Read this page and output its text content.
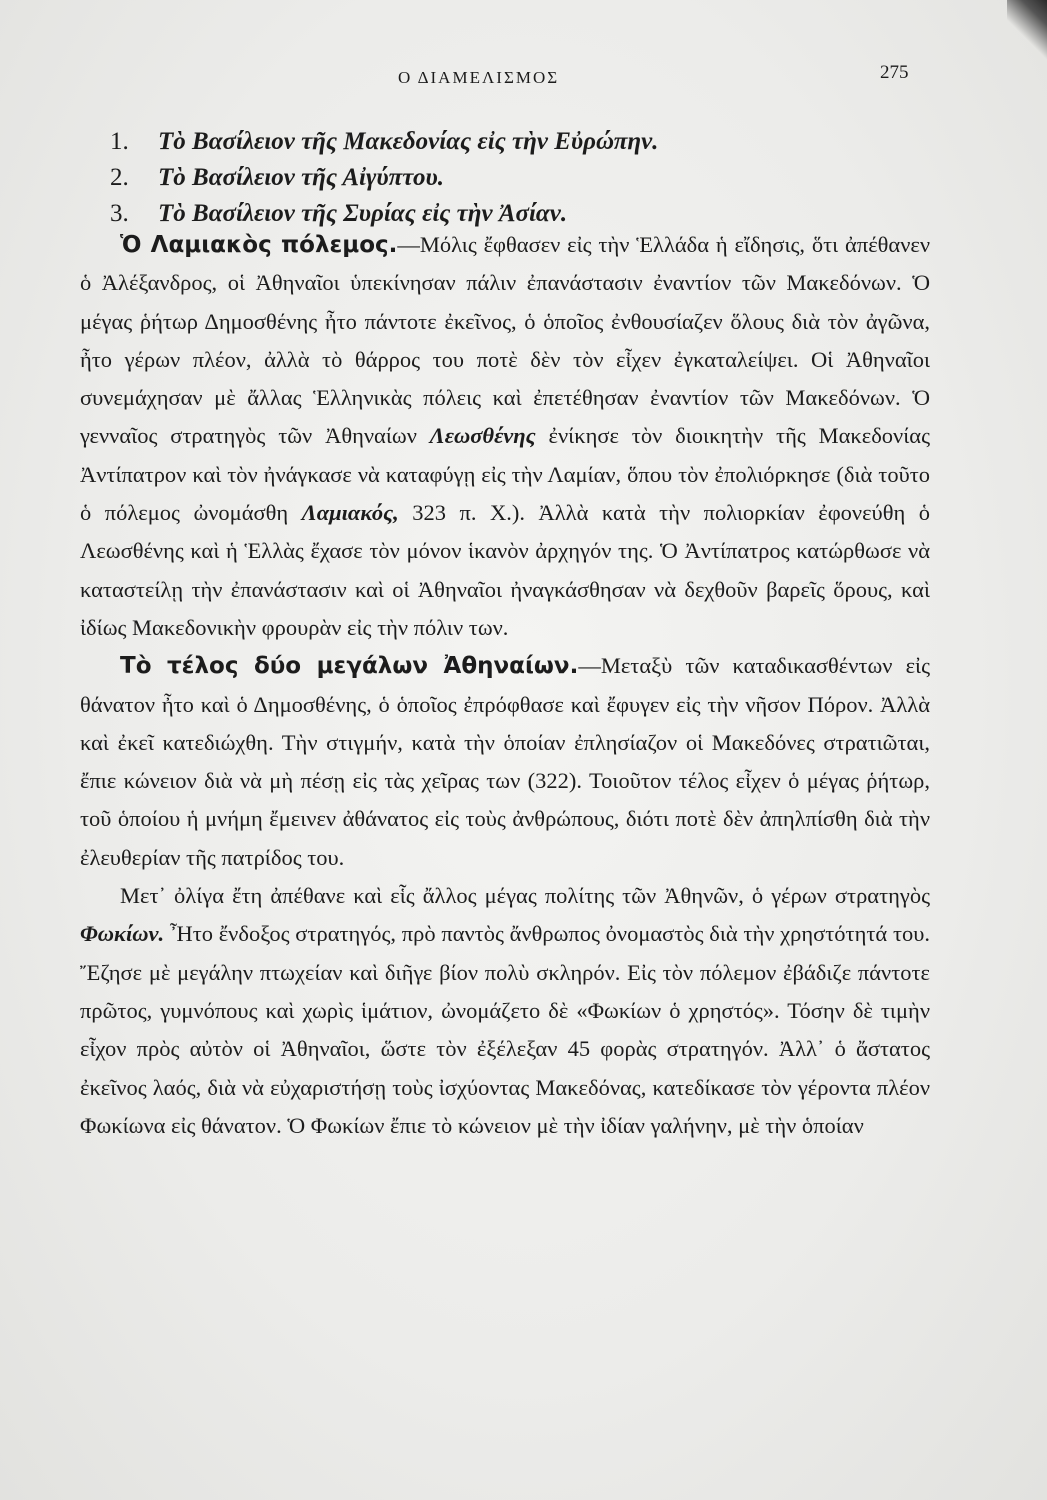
Ο ΔΙΑΜΕΛΙΣΜΟΣ	275
1. Τὸ Βασίλειον τῆς Μακεδονίας εἰς τὴν Εὐρώπην.
2. Τὸ Βασίλειον τῆς Αἰγύπτου.
3. Τὸ Βασίλειον τῆς Συρίας εἰς τὴν Ἀσίαν.

Ὁ Λαμιακὸς πόλεμος.—Μόλις ἔφθασεν εἰς τὴν Ἑλλάδα ἡ εἴδησις, ὅτι ἀπέθανεν ὁ Ἀλέξανδρος, οἱ Ἀθηναῖοι ὑπεκίνησαν πάλιν ἐπανάστασιν ἐναντίον τῶν Μακεδόνων. Ὁ μέγας ῥήτωρ Δημοσθένης ἦτο πάντοτε ἐκεῖνος, ὁ ὁποῖος ἐνθουσίαζεν ὅλους διὰ τὸν ἀγῶνα, ἦτο γέρων πλέον, ἀλλὰ τὸ θάρρος του ποτὲ δὲν τὸν εἶχεν ἐγκαταλείψει. Οἱ Ἀθηναῖοι συνεμάχησαν μὲ ἄλλας Ἑλληνικὰς πόλεις καὶ ἐπετέθησαν ἐναντίον τῶν Μακεδόνων. Ὁ γενναῖος στρατηγὸς τῶν Ἀθηναίων Λεωσθένης ἐνίκησε τὸν διοικητὴν τῆς Μακεδονίας Ἀντίπατρον καὶ τὸν ἠνάγκασε νὰ καταφύγῃ εἰς τὴν Λαμίαν, ὅπου τὸν ἐπολιόρκησε (διὰ τοῦτο ὁ πόλεμος ὠνομάσθη Λαμιακός, 323 π. Χ.). Ἀλλὰ κατὰ τὴν πολιορκίαν ἐφονεύθη ὁ Λεωσθένης καὶ ἡ Ἑλλὰς ἔχασε τὸν μόνον ἱκανὸν ἀρχηγόν της. Ὁ Ἀντίπατρος κατώρθωσε νὰ καταστείλῃ τὴν ἐπανάστασιν καὶ οἱ Ἀθηναῖοι ἠναγκάσθησαν νὰ δεχθοῦν βαρεῖς ὅρους, καὶ ἰδίως Μακεδονικὴν φρουρὰν εἰς τὴν πόλιν των.

Τὸ τέλος δύο μεγάλων Ἀθηναίων.—Μεταξὺ τῶν καταδικασθέντων εἰς θάνατον ἦτο καὶ ὁ Δημοσθένης, ὁ ὁποῖος ἐπρόφθασε καὶ ἔφυγεν εἰς τὴν νῆσον Πόρον. Ἀλλὰ καὶ ἐκεῖ κατεδιώχθη. Τὴν στιγμήν, κατὰ τὴν ὁποίαν ἐπλησίαζον οἱ Μακεδόνες στρατιῶται, ἔπιε κώνειον διὰ νὰ μὴ πέσῃ εἰς τὰς χεῖρας των (322). Τοιοῦτον τέλος εἶχεν ὁ μέγας ῥήτωρ, τοῦ ὁποίου ἡ μνήμη ἔμεινεν ἀθάνατος εἰς τοὺς ἀνθρώπους, διότι ποτὲ δὲν ἀπηλπίσθη διὰ τὴν ἐλευθερίαν τῆς πατρίδος του.

Μετ᾽ ὀλίγα ἔτη ἀπέθανε καὶ εἷς ἄλλος μέγας πολίτης τῶν Ἀθηνῶν, ὁ γέρων στρατηγὸς Φωκίων. Ἦτο ἔνδοξος στρατηγός, πρὸ παντὸς ἄνθρωπος ὀνομαστὸς διὰ τὴν χρηστότητά του. Ἔζησε μὲ μεγάλην πτωχείαν καὶ διῆγε βίον πολὺ σκληρόν. Εἰς τὸν πόλεμον ἐβάδιζε πάντοτε πρῶτος, γυμνόπους καὶ χωρὶς ἱμάτιον, ὠνομάζετο δὲ «Φωκίων ὁ χρηστός». Τόσην δὲ τιμὴν εἶχον πρὸς αὐτὸν οἱ Ἀθηναῖοι, ὥστε τὸν ἐξέλεξαν 45 φορὰς στρατηγόν. Ἀλλ᾽ ὁ ἄστατος ἐκεῖνος λαός, διὰ νὰ εὐχαριστήσῃ τοὺς ἰσχύοντας Μακεδόνας, κατεδίκασε τὸν γέροντα πλέον Φωκίωνα εἰς θάνατον. Ὁ Φωκίων ἔπιε τὸ κώνειον μὲ τὴν ἰδίαν γαλήνην, μὲ τὴν ὁποίαν
